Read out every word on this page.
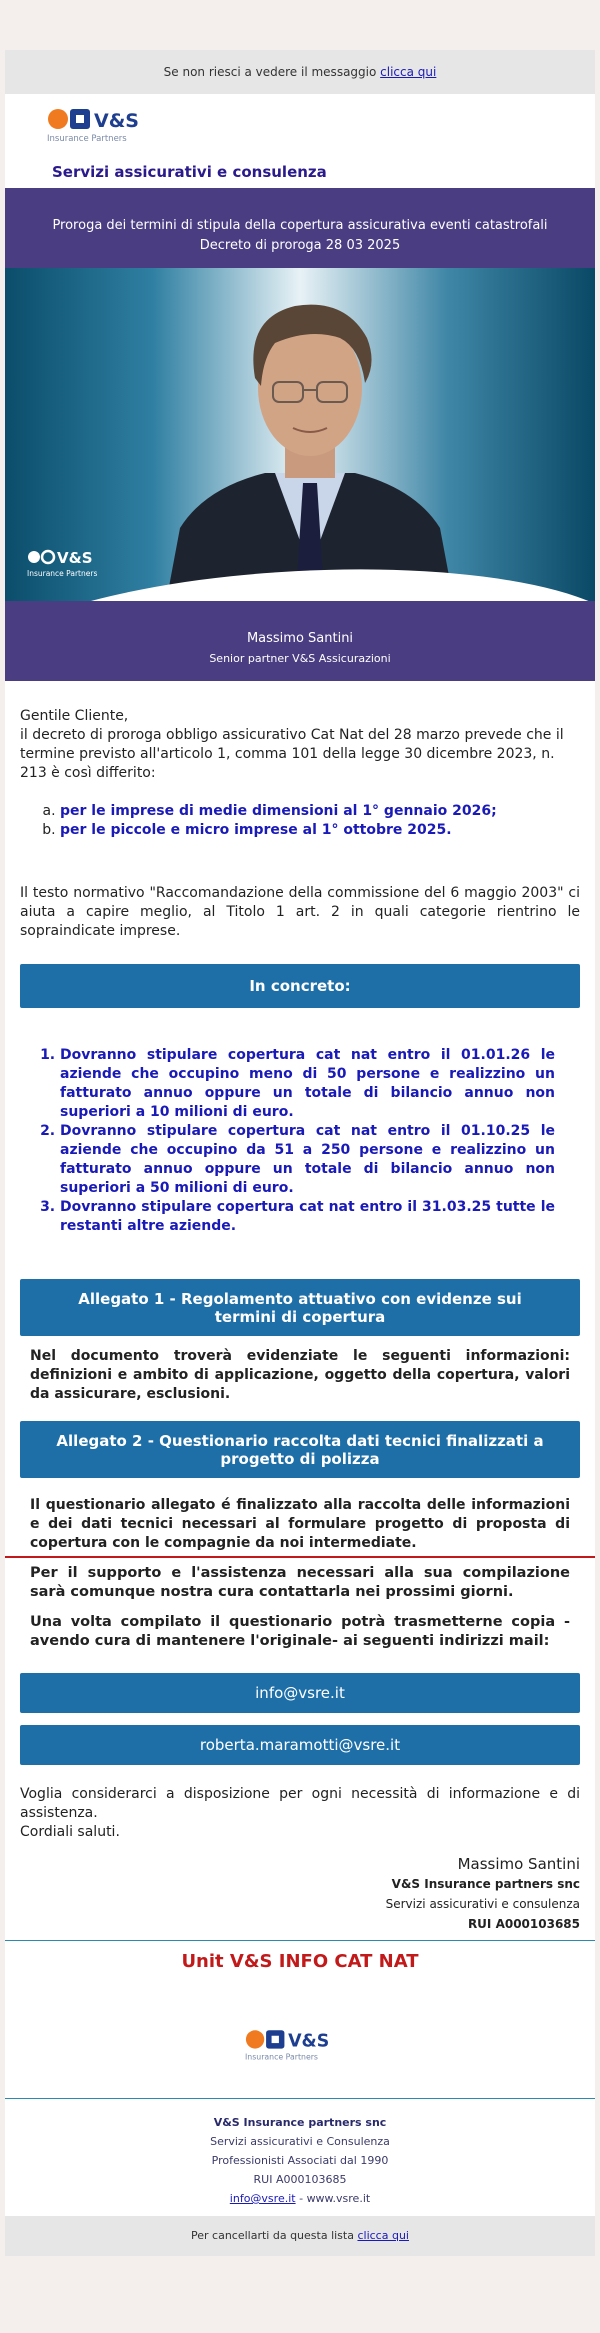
Se non riesci a vedere il messaggio clicca qui
V&S
Insurance Partners
Servizi assicurativi e consulenza
Proroga dei termini di stipula della copertura assicurativa eventi catastrofali Decreto di proroga 28 03 2025
V&S
Insurance Partners
Massimo Santini
Senior partner V&S Assicurazioni

Gentile Cliente,

il decreto di proroga obbligo assicurativo Cat Nat del 28 marzo prevede che il termine previsto all'articolo 1, comma 101 della legge 30 dicembre 2023, n. 213 è così differito:

a. per le imprese di medie dimensioni al 1° gennaio 2026;
b. per le piccole e micro imprese al 1° ottobre 2025.

Il testo normativo "Raccomandazione della commissione del 6 maggio 2003" ci aiuta a capire meglio, al Titolo 1 art. 2 in quali categorie rientrino le sopraindicate imprese.

In concreto:
1. Dovranno stipulare copertura cat nat entro il 01.01.26 le aziende che occupino meno di 50 persone e realizzino un fatturato annuo oppure un totale di bilancio annuo non superiori a 10 milioni di euro.
2. Dovranno stipulare copertura cat nat entro il 01.10.25 le aziende che occupino da 51 a 250 persone e realizzino un fatturato annuo oppure un totale di bilancio annuo non superiori a 50 milioni di euro.
3. Dovranno stipulare copertura cat nat entro il 31.03.25 tutte le restanti altre aziende.
Allegato 1 - Regolamento attuativo con evidenze sui termini di copertura

Nel documento troverà evidenziate le seguenti informazioni: definizioni e ambito di applicazione, oggetto della copertura, valori da assicurare, esclusioni.

Allegato 2 - Questionario raccolta dati tecnici finalizzati a progetto di polizza

Il questionario allegato é finalizzato alla raccolta delle informazioni e dei dati tecnici necessari al formulare progetto di proposta di copertura con le compagnie da noi intermediate.

Per il supporto e l'assistenza necessari alla sua compilazione sarà comunque nostra cura contattarla nei prossimi giorni.

Una volta compilato il questionario potrà trasmetterne copia - avendo cura di mantenere l'originale- ai seguenti indirizzi mail:

info@vsre.it
roberta.maramotti@vsre.it

Voglia considerarci a disposizione per ogni necessità di informazione e di assistenza.

Cordiali saluti.

Massimo Santini
V&S Insurance partners snc
Servizi assicurativi e consulenza
RUI A000103685
Unit V&S INFO CAT NAT
V&S
Insurance Partners
V&S Insurance partners snc
Servizi assicurativi e Consulenza
Professionisti Associati dal 1990
RUI A000103685
info@vsre.it - www.vsre.it
Per cancellarti da questa lista clicca qui
